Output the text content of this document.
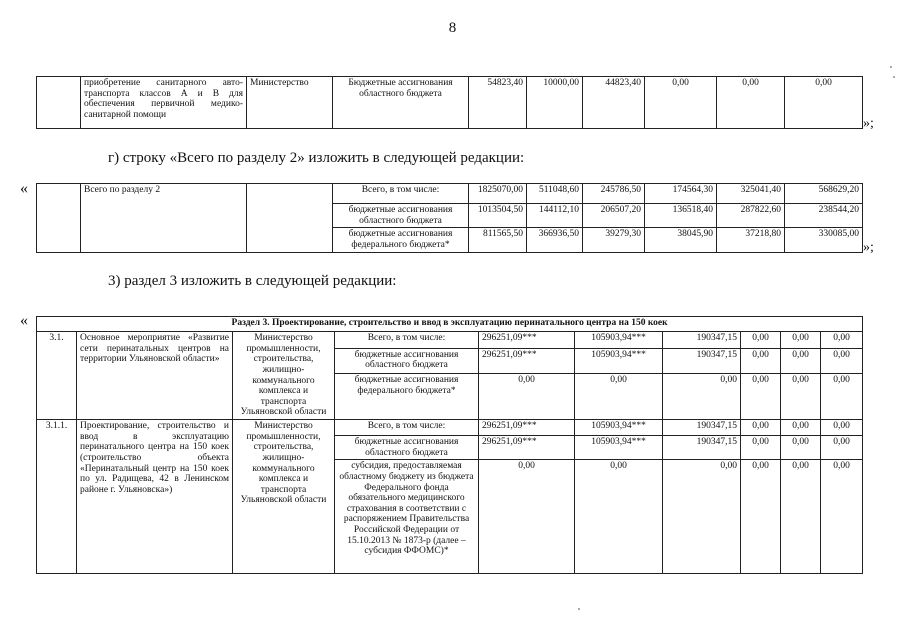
8
	приобретение санитарного авто-транспорта классов А и В для обеспечения первичной медико-санитарной помощи	Министерство	Бюджетные ассигнования областного бюджета	54823,40	10000,00	44823,40	0,00	0,00	0,00
»;
г) строку «Всего по разделу 2» изложить в следующей редакции:
«
		Всего по разделу 2		Всего, в том числе:	1825070,00	511048,60	245786,50	174564,30	325041,40	568629,20
			бюджетные ассигнования областного бюджета	1013504,50	144112,10	206507,20	136518,40	287822,60	238544,20
			бюджетные ассигнования федерального бюджета*	811565,50	366936,50	39279,30	38045,90	37218,80	330085,00
»;
3) раздел 3 изложить в следующей редакции:
«	Раздел 3. Проектирование, строительство и ввод в эксплуатацию перинатального центра на 150 коек									
3.1.	Основное мероприятие «Развитие сети перинатальных центров на территории Ульяновской области»	Министерство промышленности, строительства, жилищно-коммунального комплекса и транспорта Ульяновской области	Всего, в том числе:	296251,09***	105903,94***	190347,15	0,00	0,00	0,00
			бюджетные ассигнования областного бюджета	296251,09***	105903,94***	190347,15	0,00	0,00	0,00
			бюджетные ассигнования федерального бюджета*	0,00	0,00	0,00	0,00	0,00	0,00
3.1.1.	Проектирование, строительство и ввод в эксплуатацию перинатального центра на 150 коек (строительство объекта «Перинатальный центр на 150 коек по ул. Радищева, 42 в Ленинском районе г. Ульяновска»)	Министерство промышленности, строительства, жилищно-коммунального комплекса и транспорта Ульяновской области	Всего, в том числе:	296251,09***	105903,94***	190347,15	0,00	0,00	0,00
			бюджетные ассигнования областного бюджета	296251,09***	105903,94***	190347,15	0,00	0,00	0,00
			субсидия, предоставляемая областному бюджету из бюджета Федерального фонда обязательного медицинского страхования в соответствии с распоряжением Правительства Российской Федерации от 15.10.2013 № 1873-р (далее – субсидия ФФОМС)*	0,00	0,00	0,00	0,00	0,00	0,00
